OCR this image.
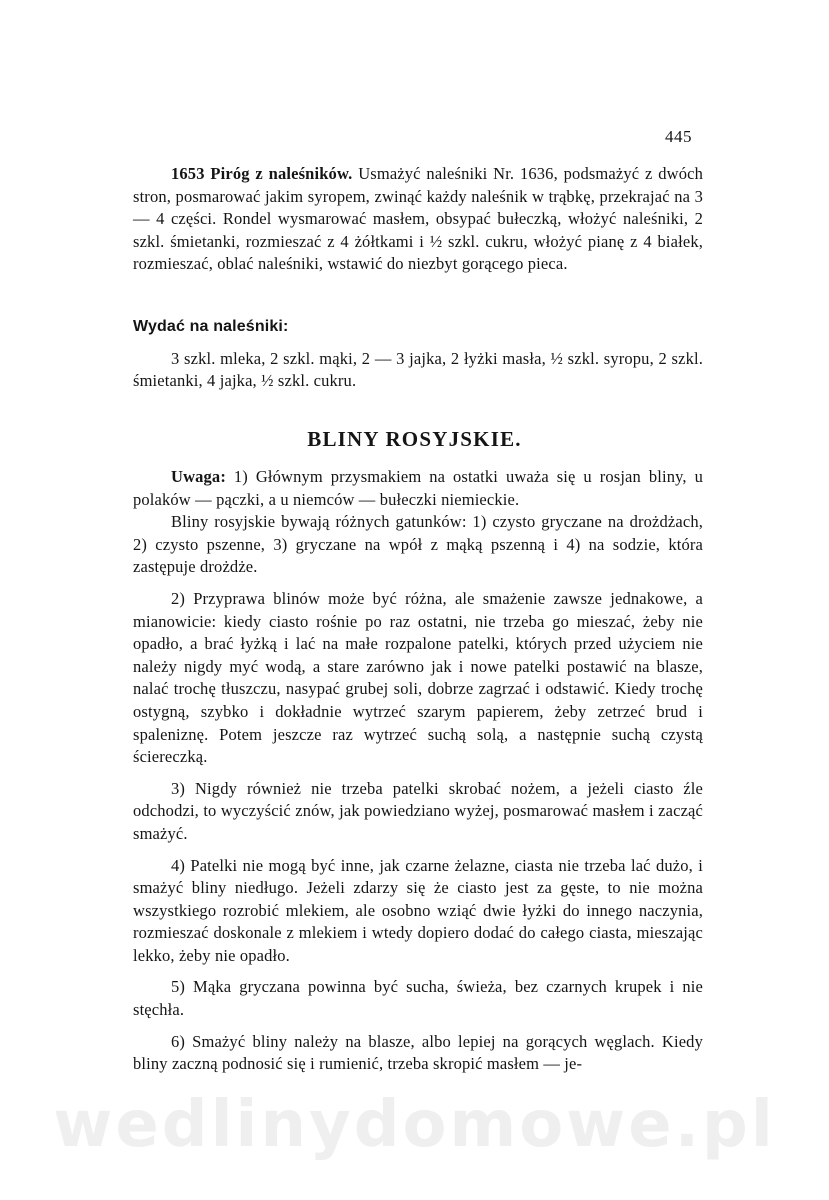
445

1653 Piróg z naleśników. Usmażyć naleśniki Nr. 1636, podsmażyć z dwóch stron, posmarować jakim syropem, zwinąć każdy naleśnik w trąbkę, przekrajać na 3 — 4 części. Rondel wysmarować masłem, obsypać bułeczką, włożyć naleśniki, 2 szkl. śmietanki, rozmieszać z 4 żółtkami i ½ szkl. cukru, włożyć pianę z 4 białek, rozmieszać, oblać naleśniki, wstawić do niezbyt gorącego pieca.

Wydać na naleśniki:

3 szkl. mleka, 2 szkl. mąki, 2 — 3 jajka, 2 łyżki masła, ½ szkl. syropu, 2 szkl. śmietanki, 4 jajka, ½ szkl. cukru.

BLINY ROSYJSKIE.

Uwaga: 1) Głównym przysmakiem na ostatki uważa się u rosjan bliny, u polaków — pączki, a u niemców — bułeczki niemieckie.

Bliny rosyjskie bywają różnych gatunków: 1) czysto gryczane na drożdżach, 2) czysto pszenne, 3) gryczane na wpół z mąką pszenną i 4) na sodzie, która zastępuje drożdże.

2) Przyprawa blinów może być różna, ale smażenie zawsze jednakowe, a mianowicie: kiedy ciasto rośnie po raz ostatni, nie trzeba go mieszać, żeby nie opadło, a brać łyżką i lać na małe rozpalone patelki, których przed użyciem nie należy nigdy myć wodą, a stare zarówno jak i nowe patelki postawić na blasze, nalać trochę tłuszczu, nasypać grubej soli, dobrze zagrzać i odstawić. Kiedy trochę ostygną, szybko i dokładnie wytrzeć szarym papierem, żeby zetrzeć brud i spaleniznę. Potem jeszcze raz wytrzeć suchą solą, a następnie suchą czystą ściereczką.

3) Nigdy również nie trzeba patelki skrobać nożem, a jeżeli ciasto źle odchodzi, to wyczyścić znów, jak powiedziano wyżej, posmarować masłem i zacząć smażyć.

4) Patelki nie mogą być inne, jak czarne żelazne, ciasta nie trzeba lać dużo, i smażyć bliny niedługo. Jeżeli zdarzy się że ciasto jest za gęste, to nie można wszystkiego rozrobić mlekiem, ale osobno wziąć dwie łyżki do innego naczynia, rozmieszać doskonale z mlekiem i wtedy dopiero dodać do całego ciasta, mieszając lekko, żeby nie opadło.

5) Mąka gryczana powinna być sucha, świeża, bez czarnych krupek i nie stęchła.

6) Smażyć bliny należy na blasze, albo lepiej na gorących węglach. Kiedy bliny zaczną podnosić się i rumienić, trzeba skropić masłem — je-

wedlinydomowe.pl
